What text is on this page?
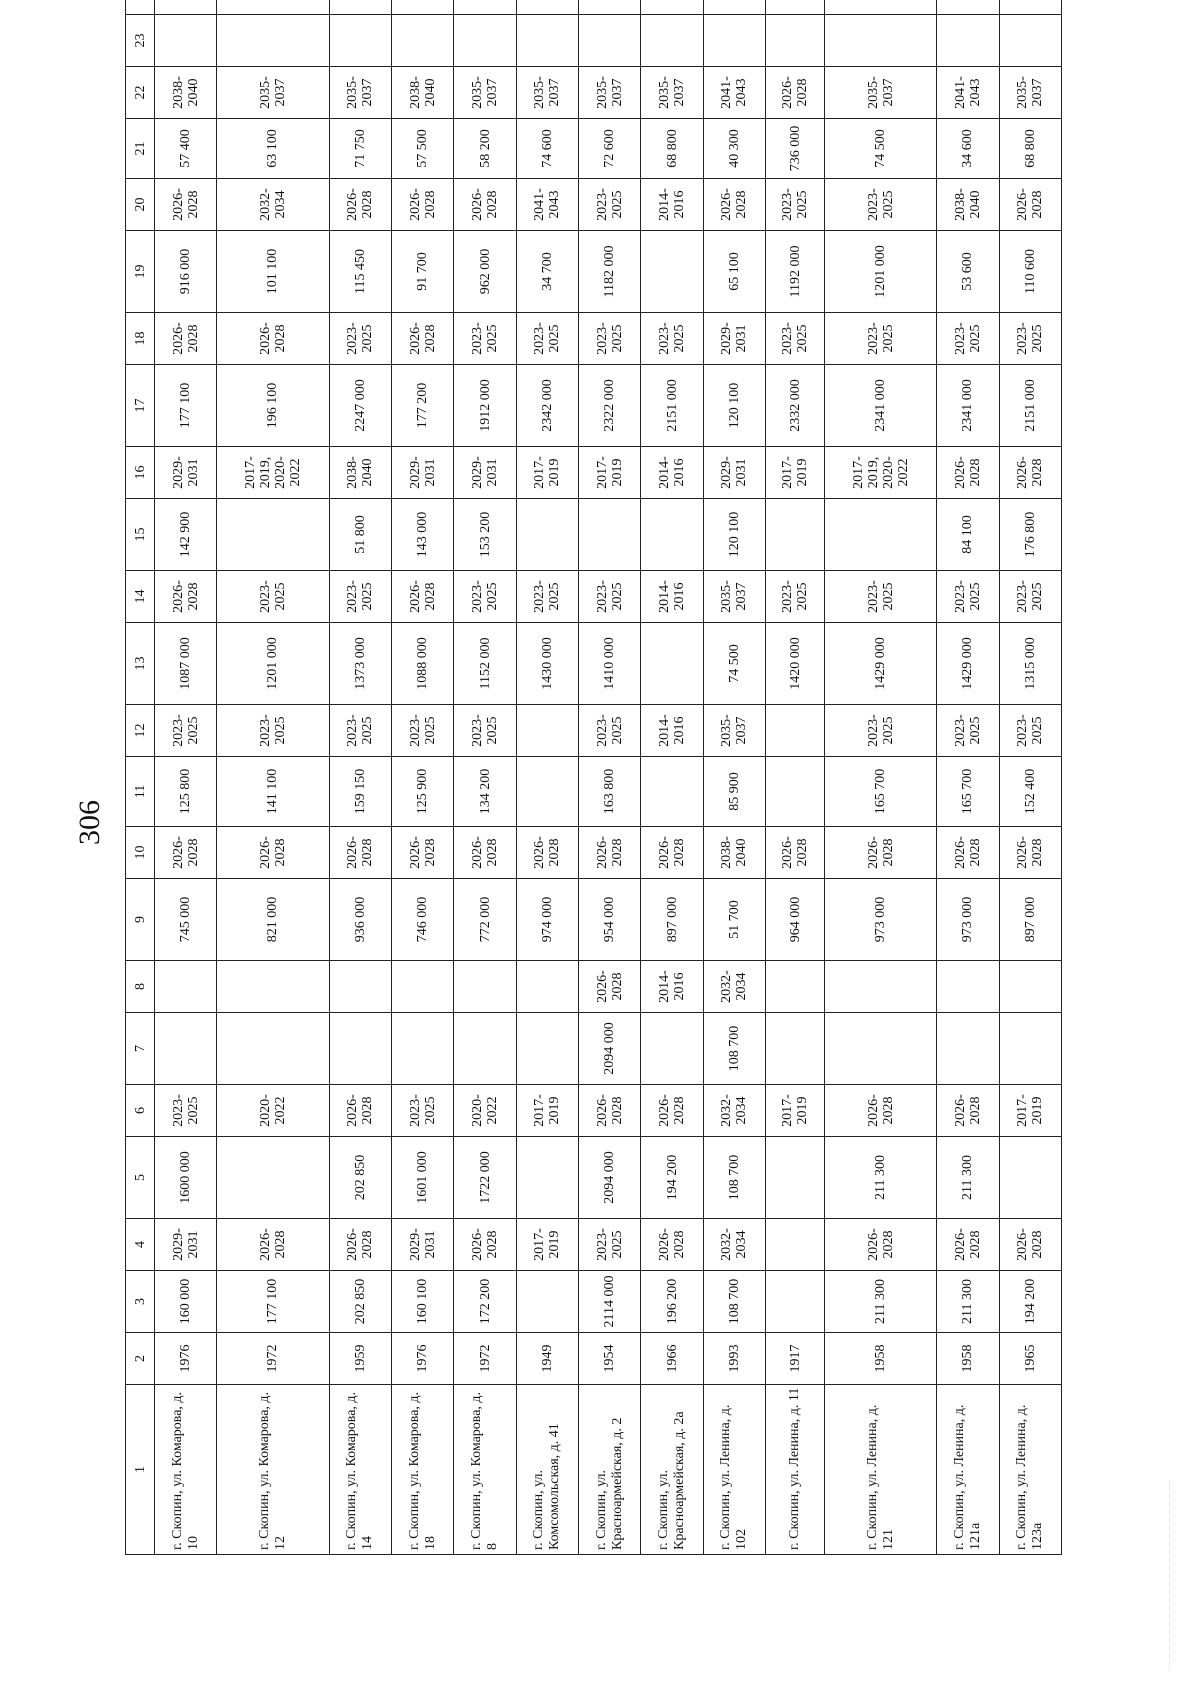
306
1	2	3	4	5	6	7	8	9	10	11	12	13	14	15	16	17	18	19	20	21	22	23	
г. Скопин, ул. Комарова, д. 10	1976	160 000	2029-2031	1600 000	2023-2025			745 000	2026-2028	125 800	2023-2025	1087 000	2026-2028	142 900	2029-2031	177 100	2026-2028	916 000	2026-2028	57 400	2038-2040		
г. Скопин, ул. Комарова, д. 12	1972	177 100	2026-2028		2020-2022			821 000	2026-2028	141 100	2023-2025	1201 000	2023-2025		2017-2019, 2020-2022	196 100	2026-2028	101 100	2032-2034	63 100	2035-2037		
г. Скопин, ул. Комарова, д. 14	1959	202 850	2026-2028	202 850	2026-2028			936 000	2026-2028	159 150	2023-2025	1373 000	2023-2025	51 800	2038-2040	2247 000	2023-2025	115 450	2026-2028	71 750	2035-2037		
г. Скопин, ул. Комарова, д. 18	1976	160 100	2029-2031	1601 000	2023-2025			746 000	2026-2028	125 900	2023-2025	1088 000	2026-2028	143 000	2029-2031	177 200	2026-2028	91 700	2026-2028	57 500	2038-2040		
г. Скопин, ул. Комарова, д. 8	1972	172 200	2026-2028	1722 000	2020-2022			772 000	2026-2028	134 200	2023-2025	1152 000	2023-2025	153 200	2029-2031	1912 000	2023-2025	962 000	2026-2028	58 200	2035-2037		
г. Скопин, ул. Комсомольская, д. 41	1949		2017-2019		2017-2019			974 000	2026-2028			1430 000	2023-2025		2017-2019	2342 000	2023-2025	34 700	2041-2043	74 600	2035-2037		
г. Скопин, ул. Красноармейская, д. 2	1954	2114 000	2023-2025	2094 000	2026-2028	2094 000	2026-2028	954 000	2026-2028	163 800	2023-2025	1410 000	2023-2025		2017-2019	2322 000	2023-2025	1182 000	2023-2025	72 600	2035-2037		
г. Скопин, ул. Красноармейская, д. 2а	1966	196 200	2026-2028	194 200	2026-2028		2014-2016	897 000	2026-2028		2014-2016		2014-2016		2014-2016	2151 000	2023-2025		2014-2016	68 800	2035-2037		
г. Скопин, ул. Ленина, д. 102	1993	108 700	2032-2034	108 700	2032-2034	108 700	2032-2034	51 700	2038-2040	85 900	2035-2037	74 500	2035-2037	120 100	2029-2031	120 100	2029-2031	65 100	2026-2028	40 300	2041-2043		
г. Скопин, ул. Ленина, д. 11	1917				2017-2019			964 000	2026-2028			1420 000	2023-2025		2017-2019	2332 000	2023-2025	1192 000	2023-2025	736 000	2026-2028		
г. Скопин, ул. Ленина, д. 121	1958	211 300	2026-2028	211 300	2026-2028			973 000	2026-2028	165 700	2023-2025	1429 000	2023-2025		2017-2019, 2020-2022	2341 000	2023-2025	1201 000	2023-2025	74 500	2035-2037		
г. Скопин, ул. Ленина, д. 121а	1958	211 300	2026-2028	211 300	2026-2028			973 000	2026-2028	165 700	2023-2025	1429 000	2023-2025	84 100	2026-2028	2341 000	2023-2025	53 600	2038-2040	34 600	2041-2043		
г. Скопин, ул. Ленина, д. 123а	1965	194 200	2026-2028		2017-2019			897 000	2026-2028	152 400	2023-2025	1315 000	2023-2025	176 800	2026-2028	2151 000	2023-2025	110 600	2026-2028	68 800	2035-2037		
